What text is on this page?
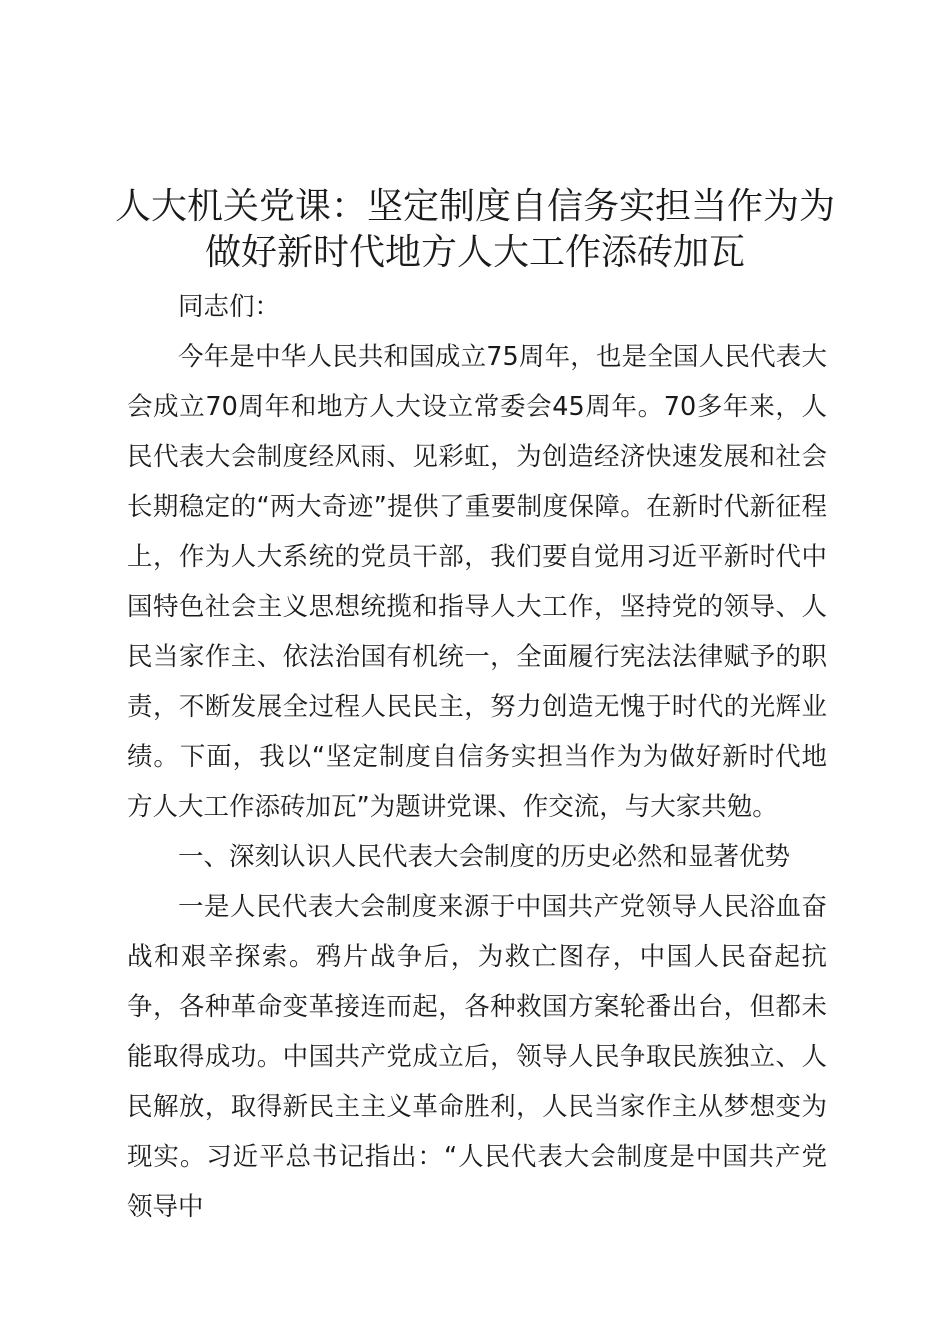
人大机关党课：坚定制度自信务实担当作为为
做好新时代地方人大工作添砖加瓦

同志们：

今年是中华人民共和国成立75周年，也是全国人民代表大会成立70周年和地方人大设立常委会45周年。70多年来，人民代表大会制度经风雨、见彩虹，为创造经济快速发展和社会长期稳定的“两大奇迹”提供了重要制度保障。在新时代新征程上，作为人大系统的党员干部，我们要自觉用习近平新时代中国特色社会主义思想统揽和指导人大工作，坚持党的领导、人民当家作主、依法治国有机统一，全面履行宪法法律赋予的职责，不断发展全过程人民民主，努力创造无愧于时代的光辉业绩。下面，我以“坚定制度自信务实担当作为为做好新时代地方人大工作添砖加瓦”为题讲党课、作交流，与大家共勉。

一、深刻认识人民代表大会制度的历史必然和显著优势

一是人民代表大会制度来源于中国共产党领导人民浴血奋战和艰辛探索。鸦片战争后，为救亡图存，中国人民奋起抗争，各种革命变革接连而起，各种救国方案轮番出台，但都未能取得成功。中国共产党成立后，领导人民争取民族独立、人民解放，取得新民主主义革命胜利，人民当家作主从梦想变为现实。习近平总书记指出：“人民代表大会制度是中国共产党领导中
